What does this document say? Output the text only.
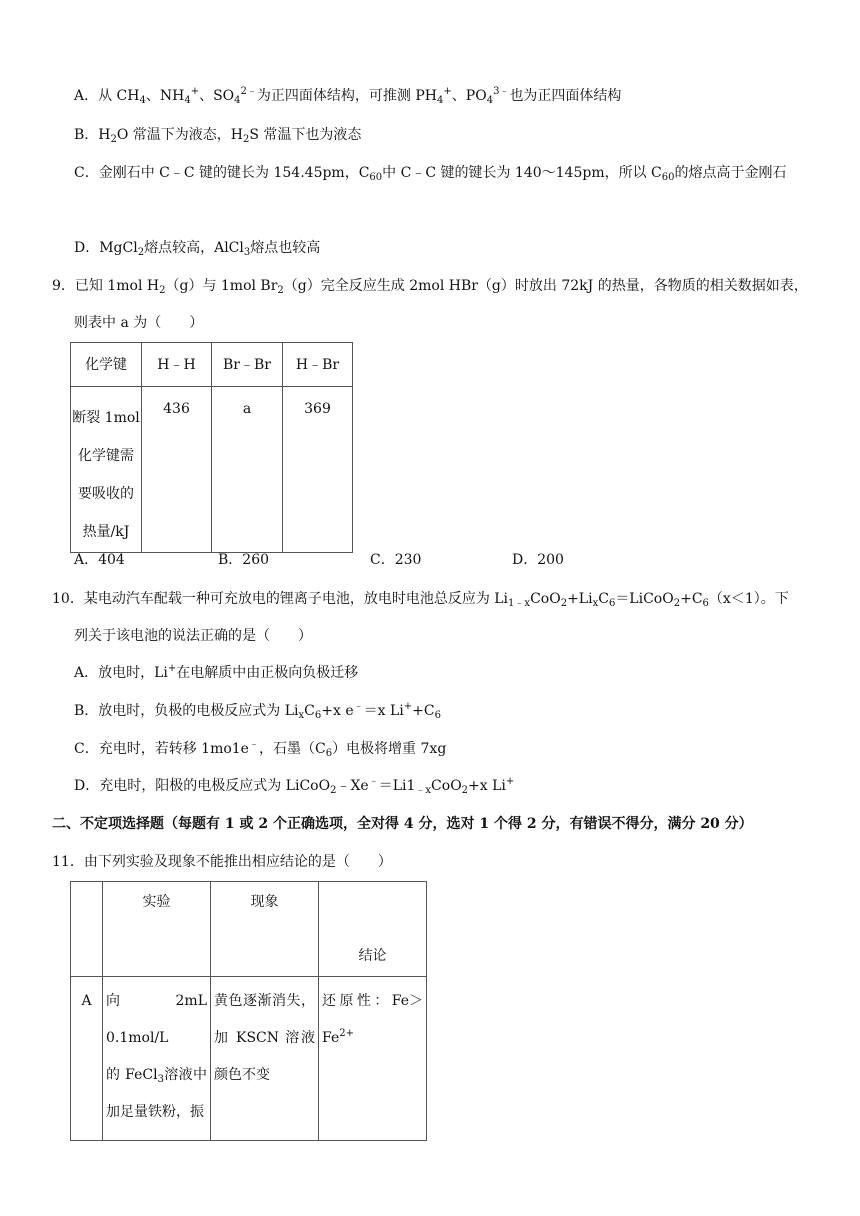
A．从 $CH_4$、$NH_4^+$、$SO_4^{2﹣}$为正四面体结构，可推测 $PH_4^+$、$PO_4^{3﹣}$也为正四面体结构
B．$H_2O$ 常温下为液态，$H_2S$ 常温下也为液态
C．金刚石中 C﹣C 键的键长为 154.45pm，$C_{60}$中 C﹣C 键的键长为 140～145pm，所以 $C_{60}$的熔点高于金刚石
D．MgCl$_2$熔点较高，AlCl$_3$熔点也较高
9．已知 1mol $H_2(g)$与 1mol $Br_2(g)$完全反应生成 2mol HBr（g）时放出 72kJ 的热量，各物质的相关数据如表，
则表中 a 为（　　）
化学键	H﹣H	Br﹣Br	H﹣Br

断裂 1mol
化学键需
要吸收的
热量/kJ	436	a	369
A．404	B．260	C．230	D．200
10．某电动汽车配载一种可充放电的锂离子电池，放电时电池总反应为 $Li_{1﹣x}CoO_2+Li_xC_6=LiCoO_2+C_6(x<1)$。下
列关于该电池的说法正确的是（　　）
A．放电时，Li+在电解质中由正极向负极迁移
B．放电时，负极的电极反应式为 $Li_xC_6+x$ e﹣＝x $Li^++C_6$
C．充电时，若转移 1mo1e﹣，石墨$(C_6)$电极将增重 7xg
D．充电时，阳极的电极反应式为 $LiCoO_2﹣Xe^﹣=Li1_{﹣x}CoO_2+x$ Li+
二、不定项选择题（每题有 1 或 2 个正确选项，全对得 4 分，选对 1 个得 2 分，有错误不得分，满分 20 分）
11．由下列实验及现象不能推出相应结论的是（　　）
	实验	现象	结论
A	向　　　2mL 0.1mol/L　　的 FeCl$_3$溶液中加足量铁粉，振	黄色逐渐消失，加 KSCN 溶液颜色不变	还原性：$Fe>Fe^{2+}$
